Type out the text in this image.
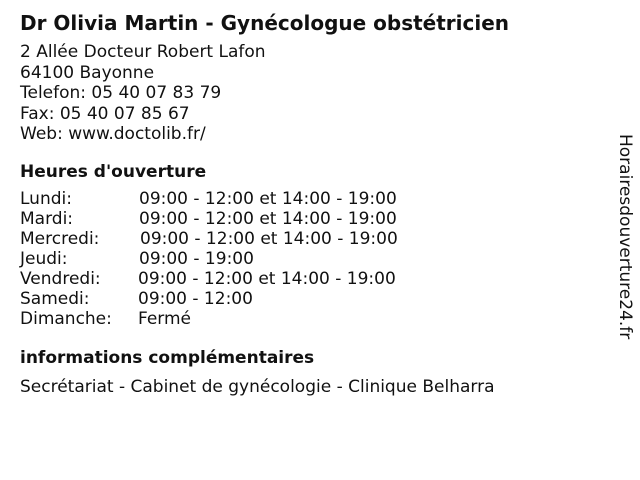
Dr Olivia Martin - Gynécologue obstétricien
2 Allée Docteur Robert Lafon
64100 Bayonne
Telefon: 05 40 07 83 79
Fax: 05 40 07 85 67
Web: www.doctolib.fr/
Heures d'ouverture
Lundi:	09:00 - 12:00 et 14:00 - 19:00
Mardi:	09:00 - 12:00 et 14:00 - 19:00
Mercredi: 09:00 - 12:00 et 14:00 - 19:00
Jeudi:	09:00 - 19:00
Vendredi: 09:00 - 12:00 et 14:00 - 19:00
Samedi:	09:00 - 12:00
Dimanche: Fermé
informations complémentaires
Secrétariat - Cabinet de gynécologie - Clinique Belharra
Horairesdouverture24.fr
